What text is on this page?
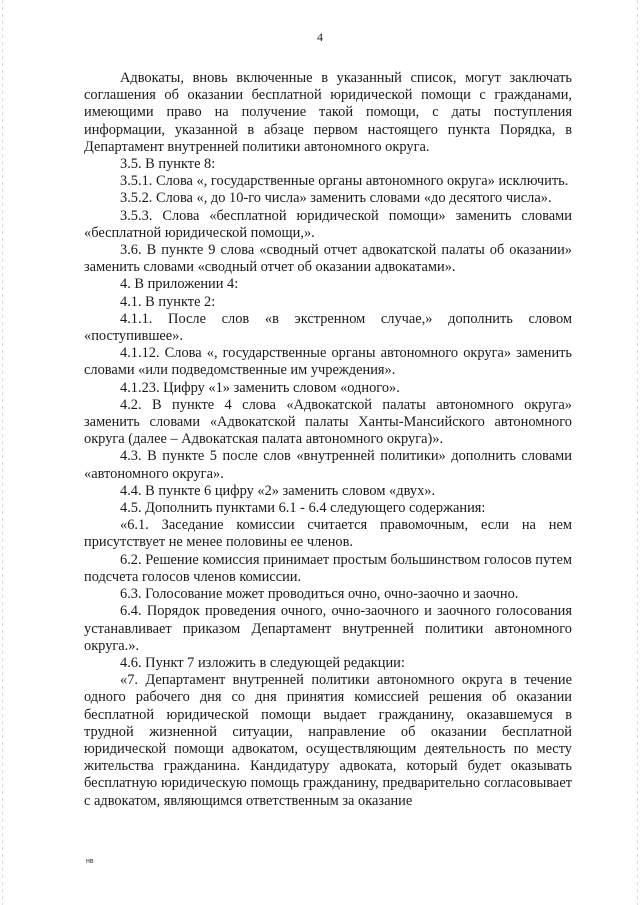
4

Адвокаты, вновь включенные в указанный список, могут заключать соглашения об оказании бесплатной юридической помощи с гражданами, имеющими право на получение такой помощи, с даты поступления информации, указанной в абзаце первом настоящего пункта Порядка, в Департамент внутренней политики автономного округа.

3.5. В пункте 8:

3.5.1. Слова «, государственные органы автономного округа» исключить.

3.5.2. Слова «, до 10-го числа» заменить словами «до десятого числа».

3.5.3. Слова «бесплатной юридической помощи» заменить словами «бесплатной юридической помощи,».

3.6. В пункте 9 слова «сводный отчет адвокатской палаты об оказании» заменить словами «сводный отчет об оказании адвокатами».

4. В приложении 4:

4.1. В пункте 2:

4.1.1. После слов «в экстренном случае,» дополнить словом «поступившее».

4.1.12. Слова «, государственные органы автономного округа» заменить словами «или подведомственные им учреждения».

4.1.23. Цифру «1» заменить словом «одного».

4.2. В пункте 4 слова «Адвокатской палаты автономного округа» заменить словами «Адвокатской палаты Ханты-Мансийского автономного округа (далее – Адвокатская палата автономного округа)».

4.3. В пункте 5 после слов «внутренней политики» дополнить словами «автономного округа».

4.4. В пункте 6 цифру «2» заменить словом «двух».

4.5. Дополнить пунктами 6.1 - 6.4 следующего содержания:

«6.1. Заседание комиссии считается правомочным, если на нем присутствует не менее половины ее членов.

6.2. Решение комиссия принимает простым большинством голосов путем подсчета голосов членов комиссии.

6.3. Голосование может проводиться очно, очно-заочно и заочно.

6.4. Порядок проведения очного, очно-заочного и заочного голосования устанавливает приказом Департамент внутренней политики автономного округа.».

4.6. Пункт 7 изложить в следующей редакции:

«7. Департамент внутренней политики автономного округа в течение одного рабочего дня со дня принятия комиссией решения об оказании бесплатной юридической помощи выдает гражданину, оказавшемуся в трудной жизненной ситуации, направление об оказании бесплатной юридической помощи адвокатом, осуществляющим деятельность по месту жительства гражданина. Кандидатуру адвоката, который будет оказывать бесплатную юридическую помощь гражданину, предварительно согласовывает с адвокатом, являющимся ответственным за оказание

нв
